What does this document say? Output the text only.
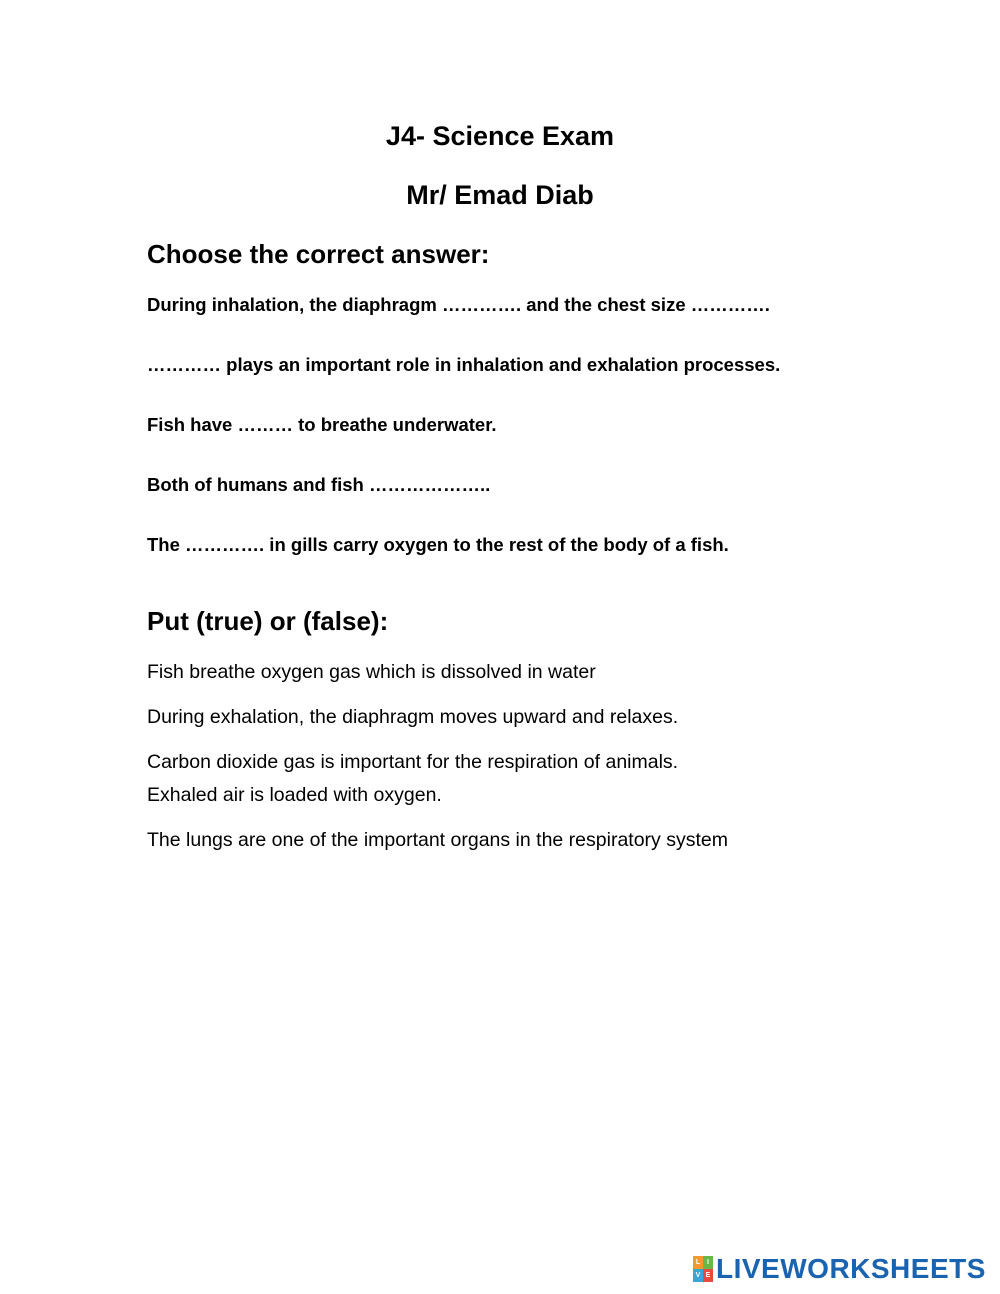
J4- Science Exam
Mr/ Emad Diab
Choose the correct answer:
During inhalation, the diaphragm …………. and the chest size ………….
………… plays an important role in inhalation and exhalation processes.
Fish have ……… to breathe underwater.
Both of humans and fish ………………..
The …………. in gills carry oxygen to the rest of the body of a fish.
Put (true) or (false):
Fish breathe oxygen gas which is dissolved in water
During exhalation, the diaphragm moves upward and relaxes.
Carbon dioxide gas is important for the respiration of animals.
Exhaled air is loaded with oxygen.
The lungs are one of the important organs in the respiratory system
L I
V E LIVEWORKSHEETS
